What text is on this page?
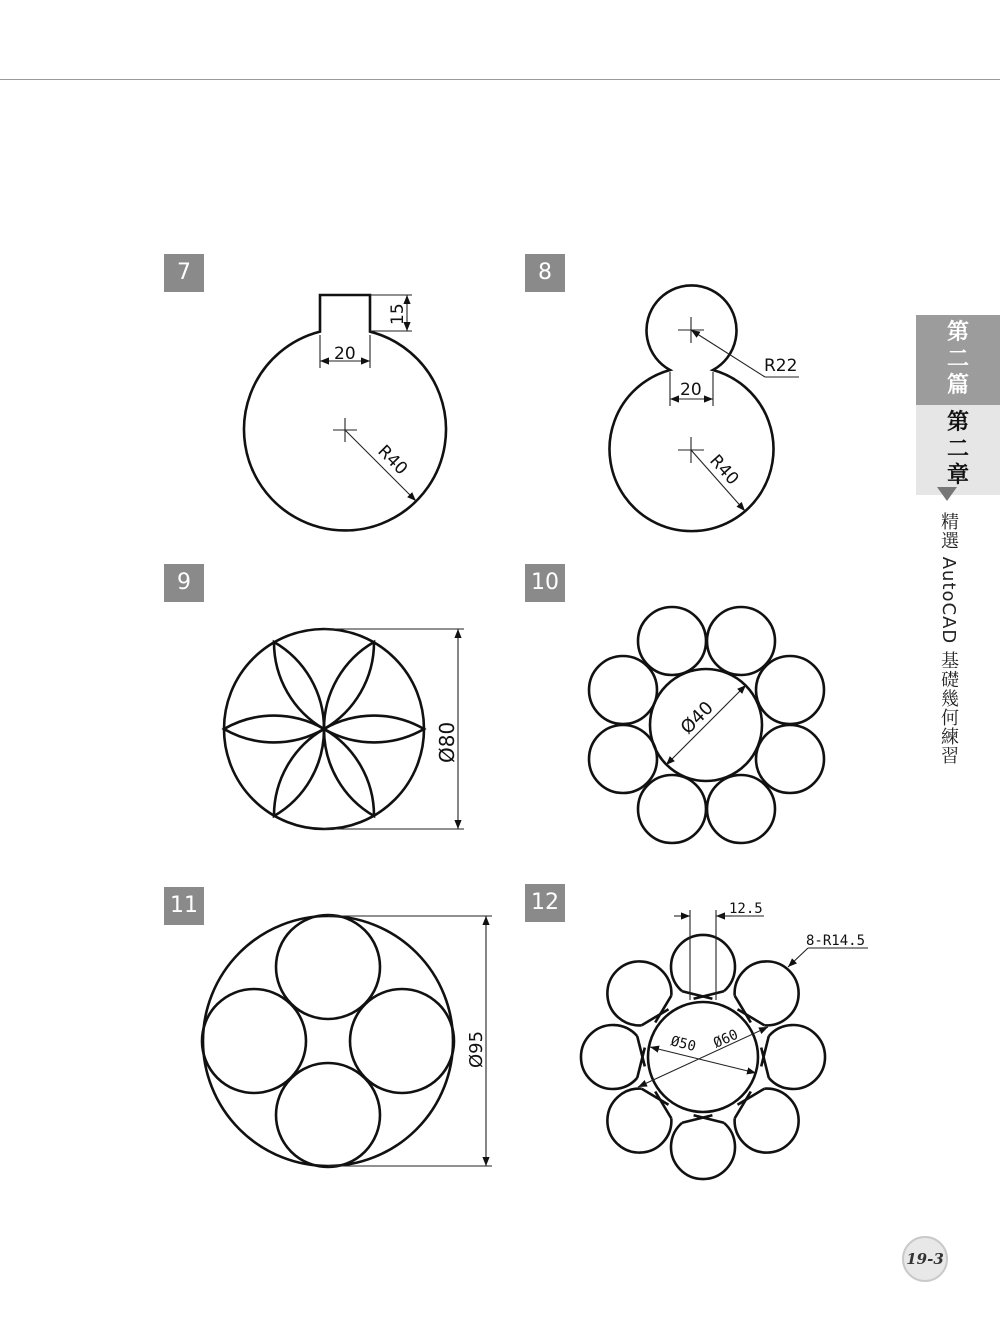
7	8
9	10
11	12
15
20
R40
R22
20
R40
Ø80
Ø40
Ø95
12.5
8-R14.5
Ø50 Ø60
第
二
篇
第
二
章
精選 AutoCAD 基礎幾何練習
19-3
